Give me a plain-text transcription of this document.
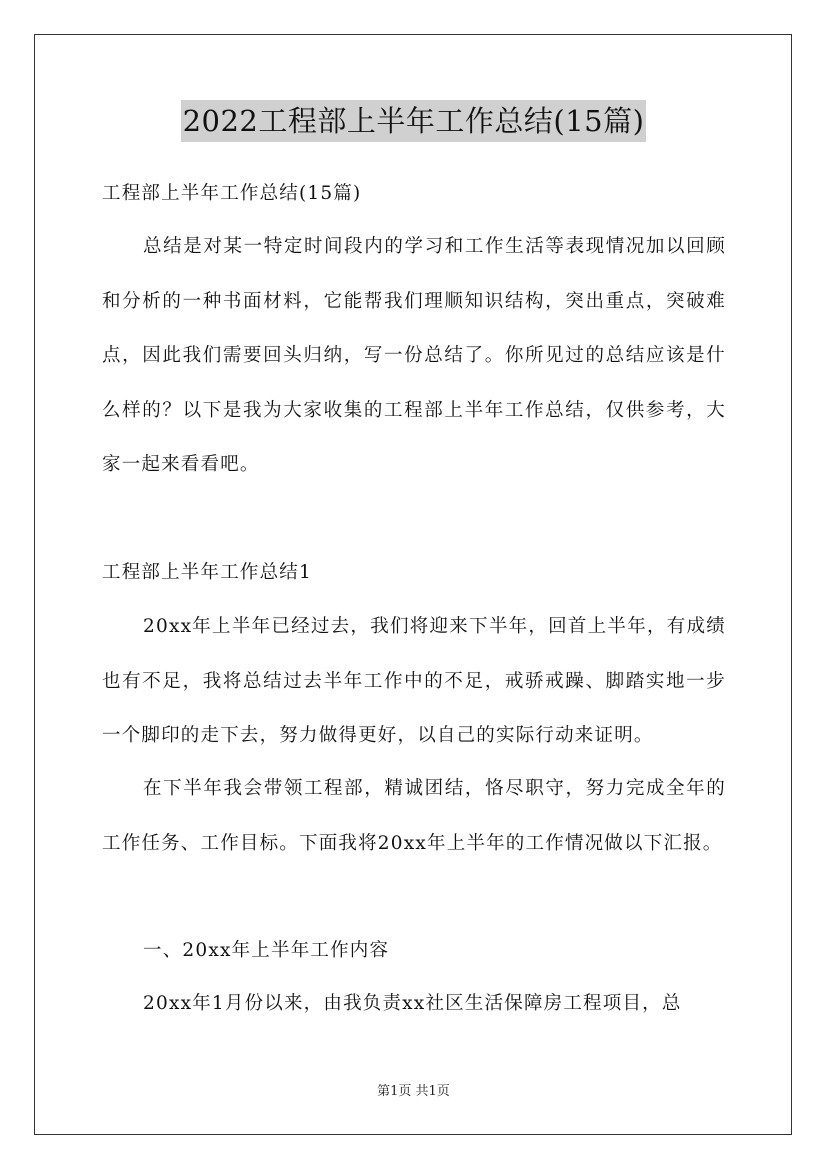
2022工程部上半年工作总结(15篇)

工程部上半年工作总结(15篇)

总结是对某一特定时间段内的学习和工作生活等表现情况加以回顾和分析的一种书面材料，它能帮我们理顺知识结构，突出重点，突破难点，因此我们需要回头归纳，写一份总结了。你所见过的总结应该是什么样的？以下是我为大家收集的工程部上半年工作总结，仅供参考，大家一起来看看吧。

工程部上半年工作总结1

20xx年上半年已经过去，我们将迎来下半年，回首上半年，有成绩也有不足，我将总结过去半年工作中的不足，戒骄戒躁、脚踏实地一步一个脚印的走下去，努力做得更好，以自己的实际行动来证明。

在下半年我会带领工程部，精诚团结，恪尽职守，努力完成全年的工作任务、工作目标。下面我将20xx年上半年的工作情况做以下汇报。

一、20xx年上半年工作内容

20xx年1月份以来，由我负责xx社区生活保障房工程项目，总

第1页 共1页
